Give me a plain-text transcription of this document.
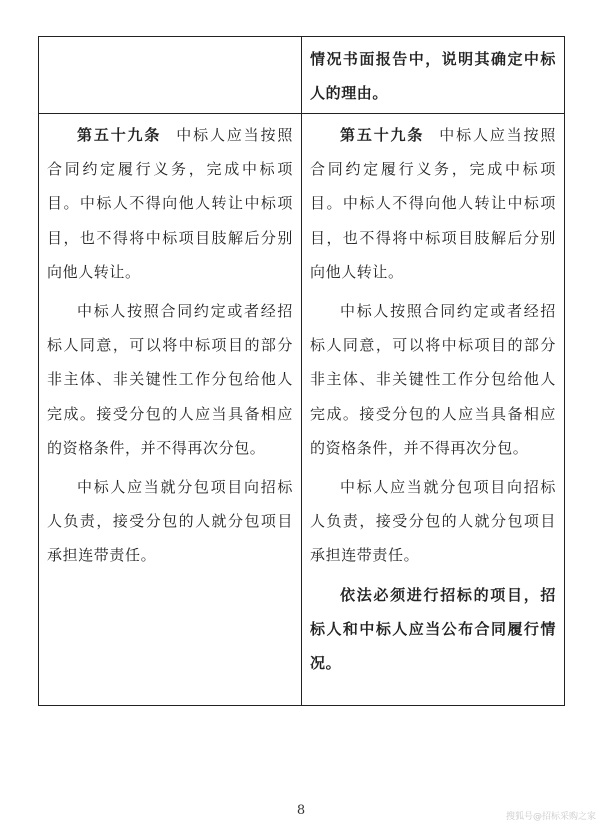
情况书面报告中，说明其确定中标人的理由。

第五十九条 中标人应当按照合同约定履行义务，完成中标项目。中标人不得向他人转让中标项目，也不得将中标项目肢解后分别向他人转让。

中标人按照合同约定或者经招标人同意，可以将中标项目的部分非主体、非关键性工作分包给他人完成。接受分包的人应当具备相应的资格条件，并不得再次分包。

中标人应当就分包项目向招标人负责，接受分包的人就分包项目承担连带责任。

第五十九条 中标人应当按照合同约定履行义务，完成中标项目。中标人不得向他人转让中标项目，也不得将中标项目肢解后分别向他人转让。

中标人按照合同约定或者经招标人同意，可以将中标项目的部分非主体、非关键性工作分包给他人完成。接受分包的人应当具备相应的资格条件，并不得再次分包。

中标人应当就分包项目向招标人负责，接受分包的人就分包项目承担连带责任。

依法必须进行招标的项目，招标人和中标人应当公布合同履行情况。

8	搜狐号@招标采购之家
